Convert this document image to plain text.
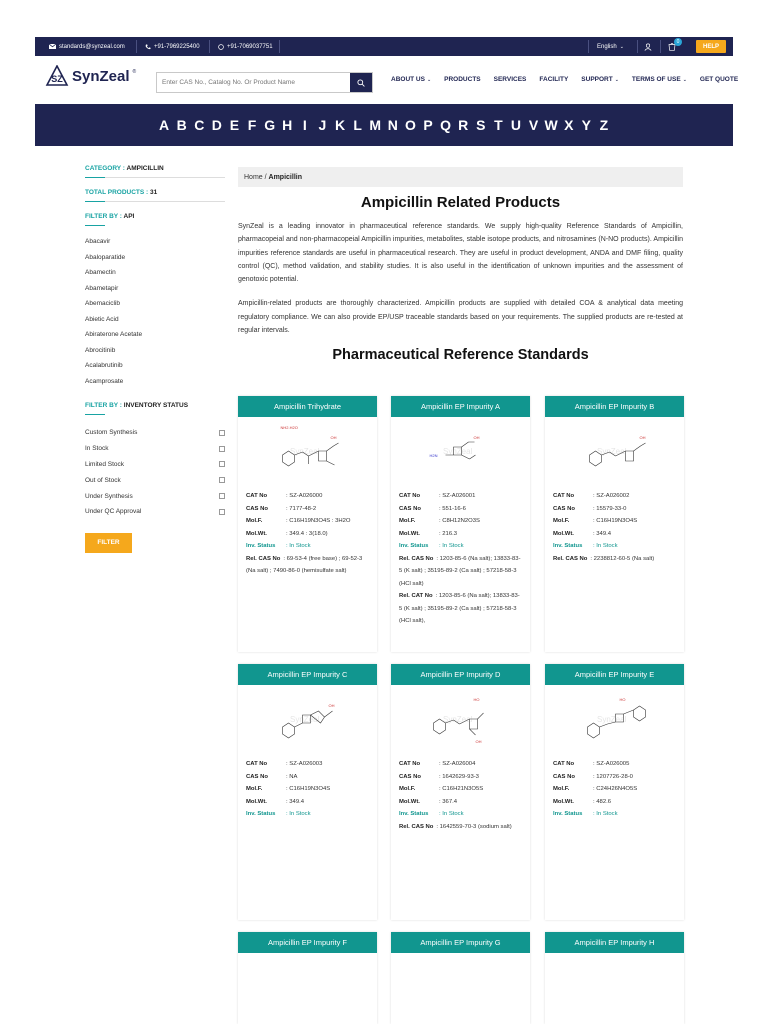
standards@synzeal.com	+91-7969225400	+91-7069037751	English ⌄
0
HELP
SZ SynZeal ®
Enter CAS No., Catalog No. Or Product Name
ABOUT US ⌄ PRODUCTS SERVICES FACILITY SUPPORT ⌄ TERMS OF USE ⌄ GET QUOTE
A B C D E F G H I J K L M N O P Q R S T U V W X Y Z
CATEGORY : AMPICILLIN
TOTAL PRODUCTS : 31
FILTER BY : API
Abacavir
Abaloparatide
Abamectin
Abametapir
Abemaciclib
Abietic Acid
Abiraterone Acetate
Abrocitinib
Acalabrutinib
Acamprosate
FILTER BY : INVENTORY STATUS
Custom Synthesis
In Stock
Limited Stock
Out of Stock
Under Synthesis
Under QC Approval
FILTER
Home / Ampicillin
Ampicillin Related Products

SynZeal is a leading innovator in pharmaceutical reference standards. We supply high-quality Reference Standards of Ampicillin, pharmacopeial and non-pharmacopeial Ampicillin impurities, metabolites, stable isotope products, and nitrosamines (N-NO products). Ampicillin impurities reference standards are useful in pharmaceutical research. They are useful in product development, ANDA and DMF filing, quality control (QC), method validation, and stability studies. It is also useful in the identification of unknown impurities and the assessment of genotoxic potential.

Ampicillin-related products are thoroughly characterized. Ampicillin products are supplied with detailed COA & analytical data meeting regulatory compliance. We can also provide EP/USP traceable standards based on your requirements. The supplied products are re-tested at regular intervals.

Pharmaceutical Reference Standards
Ampicillin Trihydrate
NH2.H2O
OH
SynZeal
CAT No	: SZ-A026000
CAS No	: 7177-48-2
Mol.F.	: C16H19N3O4S : 3H2O
Mol.Wt.	: 349.4 : 3(18.0)
Inv. Status	: In Stock
Rel. CAS No : 69-53-4 (free base) ; 69-52-3 (Na salt) ; 7490-86-0 (hemisulfate salt)
Ampicillin EP Impurity A
H2N
OH
SynZeal
CAT No	: SZ-A026001
CAS No	: 551-16-6
Mol.F.	: C8H12N2O3S
Mol.Wt.	: 216.3
Inv. Status	: In Stock
Rel. CAS No : 1203-85-6 (Na salt); 13833-83-5 (K salt) ; 35195-89-2 (Ca salt) ; 57218-58-3 (HCl salt)
Rel. CAT No : 1203-85-6 (Na salt); 13833-83-5 (K salt) ; 35195-89-2 (Ca salt) ; 57218-58-3 (HCl salt),
Ampicillin EP Impurity B
OH
SynZeal
CAT No	: SZ-A026002
CAS No	: 15579-33-0
Mol.F.	: C16H19N3O4S
Mol.Wt.	: 349.4
Inv. Status	: In Stock
Rel. CAS No : 2238812-60-5 (Na salt)
Ampicillin EP Impurity C
OH
SynZeal
CAT No	: SZ-A026003
CAS No	: NA
Mol.F.	: C16H19N3O4S
Mol.Wt.	: 349.4
Inv. Status	: In Stock
Ampicillin EP Impurity D
HO
OH
SynZeal
CAT No	: SZ-A026004
CAS No	: 1642629-93-3
Mol.F.	: C16H21N3O5S
Mol.Wt.	: 367.4
Inv. Status	: In Stock
Rel. CAS No : 1642559-70-3 (sodium salt)
Ampicillin EP Impurity E
HO
SynZeal
CAT No	: SZ-A026005
CAS No	: 1207726-28-0
Mol.F.	: C24H26N4O5S
Mol.Wt.	: 482.6
Inv. Status	: In Stock
Ampicillin EP Impurity F	Ampicillin EP Impurity G	Ampicillin EP Impurity H
